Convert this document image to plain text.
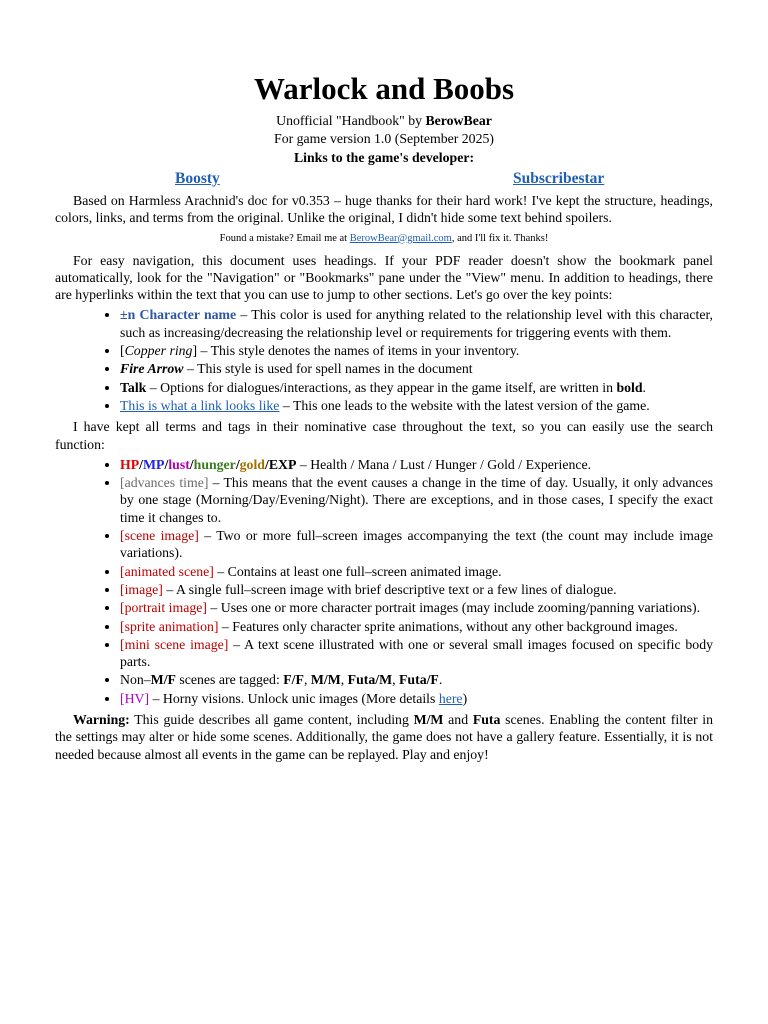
Warlock and Boobs
Unofficial "Handbook" by BerowBear
For game version 1.0 (September 2025)
Links to the game's developer:
Boosty	Subscribestar

Based on Harmless Arachnid's doc for v0.353 – huge thanks for their hard work! I've kept the structure, headings, colors, links, and terms from the original. Unlike the original, I didn't hide some text behind spoilers.

Found a mistake? Email me at BerowBear@gmail.com, and I'll fix it. Thanks!

For easy navigation, this document uses headings. If your PDF reader doesn't show the bookmark panel automatically, look for the "Navigation" or "Bookmarks" pane under the "View" menu. In addition to headings, there are hyperlinks within the text that you can use to jump to other sections. Let's go over the key points:

• ±n Character name – This color is used for anything related to the relationship level with this character, such as increasing/decreasing the relationship level or requirements for triggering events with them.
• [Copper ring] – This style denotes the names of items in your inventory.
• Fire Arrow – This style is used for spell names in the document
• Talk – Options for dialogues/interactions, as they appear in the game itself, are written in bold.
• This is what a link looks like – This one leads to the website with the latest version of the game.

I have kept all terms and tags in their nominative case throughout the text, so you can easily use the search function:

• HP/MP/lust/hunger/gold/EXP – Health / Mana / Lust / Hunger / Gold / Experience.
• [advances time] – This means that the event causes a change in the time of day. Usually, it only advances by one stage (Morning/Day/Evening/Night). There are exceptions, and in those cases, I specify the exact time it changes to.
• [scene image] – Two or more full–screen images accompanying the text (the count may include image variations).
• [animated scene] – Contains at least one full–screen animated image.
• [image] – A single full–screen image with brief descriptive text or a few lines of dialogue.
• [portrait image] – Uses one or more character portrait images (may include zooming/panning variations).
• [sprite animation] – Features only character sprite animations, without any other background images.
• [mini scene image] – A text scene illustrated with one or several small images focused on specific body parts.
• Non–M/F scenes are tagged: F/F, M/M, Futa/M, Futa/F.
• [HV] – Horny visions. Unlock unic images (More details here)

Warning: This guide describes all game content, including M/M and Futa scenes. Enabling the content filter in the settings may alter or hide some scenes. Additionally, the game does not have a gallery feature. Essentially, it is not needed because almost all events in the game can be replayed. Play and enjoy!
